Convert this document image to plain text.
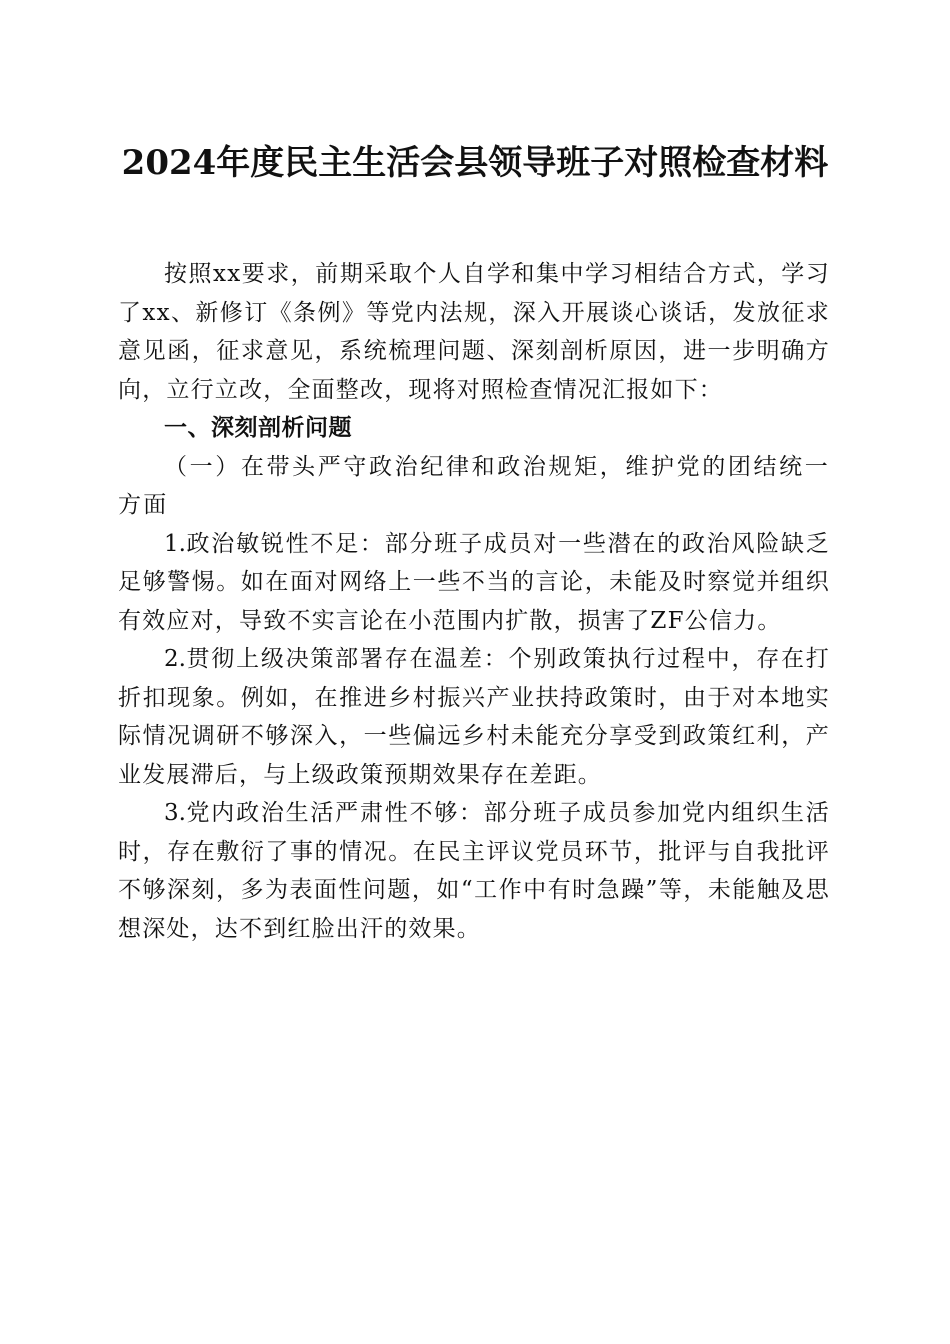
2024年度民主生活会县领导班子对照检查材料

按照xx要求，前期采取个人自学和集中学习相结合方式，学习了xx、新修订《条例》等党内法规，深入开展谈心谈话，发放征求意见函，征求意见，系统梳理问题、深刻剖析原因，进一步明确方向，立行立改，全面整改，现将对照检查情况汇报如下：

一、深刻剖析问题

（一）在带头严守政治纪律和政治规矩，维护党的团结统一方面

1.政治敏锐性不足：部分班子成员对一些潜在的政治风险缺乏足够警惕。如在面对网络上一些不当的言论，未能及时察觉并组织有效应对，导致不实言论在小范围内扩散，损害了ZF公信力。

2.贯彻上级决策部署存在温差：个别政策执行过程中，存在打折扣现象。例如，在推进乡村振兴产业扶持政策时，由于对本地实际情况调研不够深入，一些偏远乡村未能充分享受到政策红利，产业发展滞后，与上级政策预期效果存在差距。

3.党内政治生活严肃性不够：部分班子成员参加党内组织生活时，存在敷衍了事的情况。在民主评议党员环节，批评与自我批评不够深刻，多为表面性问题，如“工作中有时急躁”等，未能触及思想深处，达不到红脸出汗的效果。
